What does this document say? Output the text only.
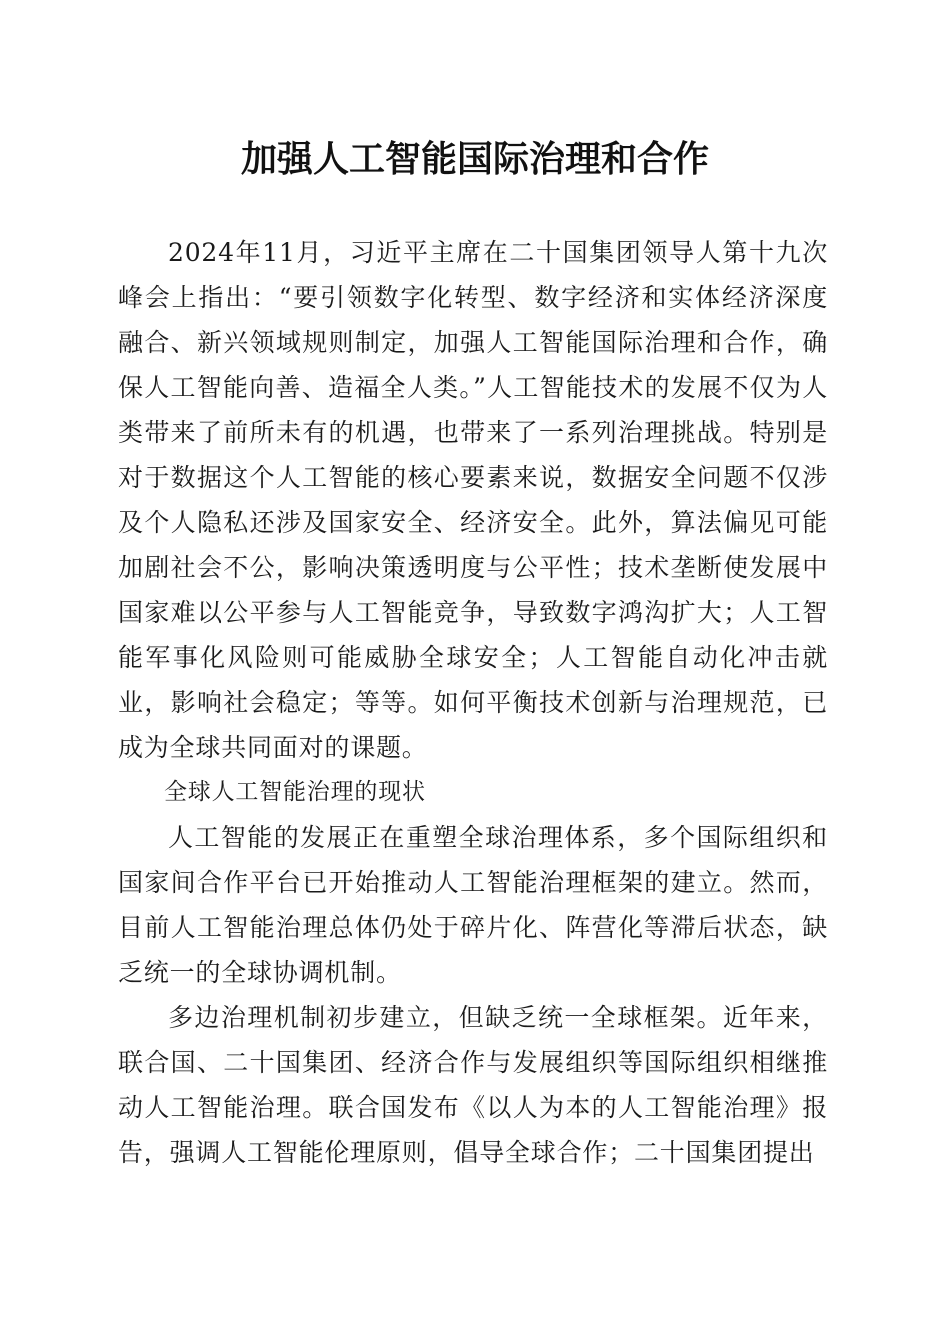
加强人工智能国际治理和合作

2024年11月，习近平主席在二十国集团领导人第十九次峰会上指出：“要引领数字化转型、数字经济和实体经济深度融合、新兴领域规则制定，加强人工智能国际治理和合作，确保人工智能向善、造福全人类。”人工智能技术的发展不仅为人类带来了前所未有的机遇，也带来了一系列治理挑战。特别是对于数据这个人工智能的核心要素来说，数据安全问题不仅涉及个人隐私还涉及国家安全、经济安全。此外，算法偏见可能加剧社会不公，影响决策透明度与公平性；技术垄断使发展中国家难以公平参与人工智能竞争，导致数字鸿沟扩大；人工智能军事化风险则可能威胁全球安全；人工智能自动化冲击就业，影响社会稳定；等等。如何平衡技术创新与治理规范，已成为全球共同面对的课题。

全球人工智能治理的现状

人工智能的发展正在重塑全球治理体系，多个国际组织和国家间合作平台已开始推动人工智能治理框架的建立。然而，目前人工智能治理总体仍处于碎片化、阵营化等滞后状态，缺乏统一的全球协调机制。

多边治理机制初步建立，但缺乏统一全球框架。近年来，联合国、二十国集团、经济合作与发展组织等国际组织相继推动人工智能治理。联合国发布《以人为本的人工智能治理》报告，强调人工智能伦理原则，倡导全球合作；二十国集团提出
